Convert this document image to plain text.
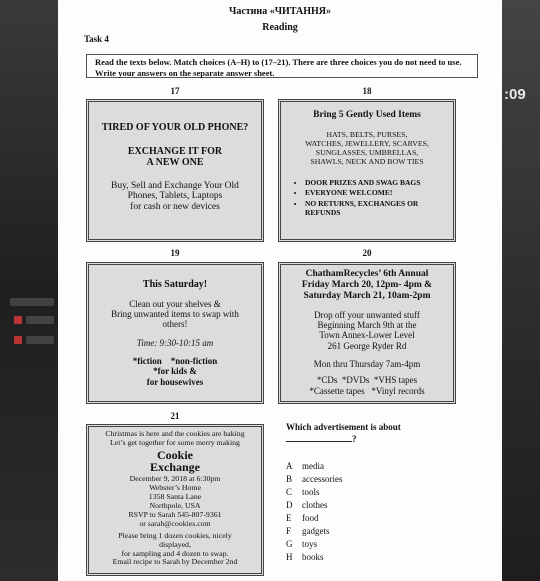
:09
Частина «ЧИТАННЯ»
Reading
Task 4
Read the texts below. Match choices (A–H) to (17–21). There are three choices you do not need to use. Write your answers on the separate answer sheet.
17	18
19	20
21
TIRED OF YOUR OLD PHONE?
EXCHANGE IT FOR
A NEW ONE
Buy, Sell and Exchange Your Old
Phones, Tablets, Laptops
for cash or new devices
Bring 5 Gently Used Items
HATS, BELTS, PURSES,
WATCHES, JEWELLERY, SCARVES,
SUNGLASSES, UMBRELLAS,
SHAWLS, NECK AND BOW TIES
• DOOR PRIZES AND SWAG BAGS
• EVERYONE WELCOME!
• NO RETURNS, EXCHANGES OR REFUNDS
This Saturday!
Clean out your shelves &
Bring unwanted items to swap with
others!
Time: 9:30-10:15 am
*fiction    *non-fiction
*for kids &
for housewives
ChathamRecycles’ 6th Annual
Friday March 20, 12pm- 4pm &
Saturday March 21, 10am-2pm
Drop off your unwanted stuff
Beginning March 9th at the
Town Annex-Lower Level
261 George Ryder Rd
Mon thru Thursday 7am-4pm
*CDs  *DVDs  *VHS tapes
*Cassette tapes   *Vinyl records
Christmas is here and the cookies are baking
Let’s get together for some merry making
Cookie
Exchange
December 9, 2018 at 6:30pm
Webster’s Home
1358 Santa Lane
Northpole, USA
RSVP to Sarah 545-807-9361
or sarah@cookies.com
Please bring 1 dozen cookies, nicely
displayed,
for sampling and 4 dozen to swap.
Email recipe to Sarah by December 2nd
Which advertisement is about
?
A media
B accessories
C tools
D clothes
E food
F gadgets
G toys
H books
